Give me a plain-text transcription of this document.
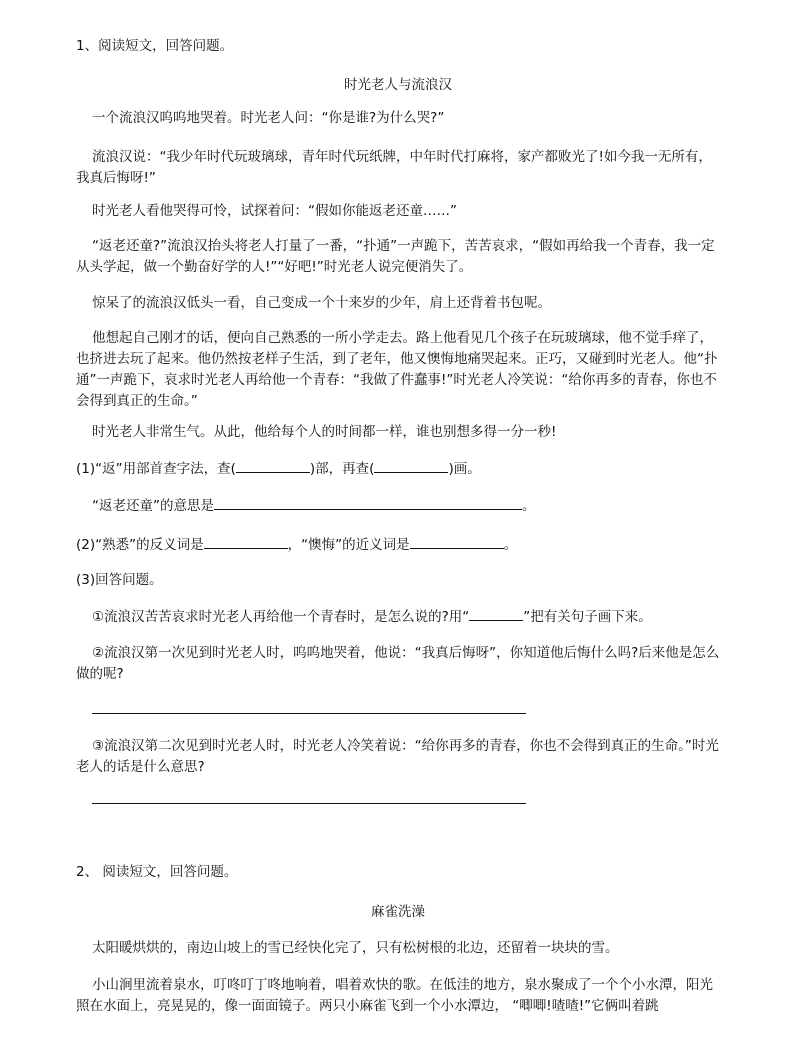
1、阅读短文，回答问题。

时光老人与流浪汉

一个流浪汉呜呜地哭着。时光老人问：“你是谁?为什么哭?”

流浪汉说：“我少年时代玩玻璃球，青年时代玩纸牌，中年时代打麻将，家产都败光了!如今我一无所有，我真后悔呀!”

时光老人看他哭得可怜，试探着问：“假如你能返老还童……”

“返老还童?”流浪汉抬头将老人打量了一番，“扑通”一声跪下，苦苦哀求，“假如再给我一个青春，我一定从头学起，做一个勤奋好学的人!”“好吧!”时光老人说完便消失了。

惊呆了的流浪汉低头一看，自己变成一个十来岁的少年，肩上还背着书包呢。

他想起自己刚才的话，便向自己熟悉的一所小学走去。路上他看见几个孩子在玩玻璃球，他不觉手痒了，也挤进去玩了起来。他仍然按老样子生活，到了老年，他又懊悔地痛哭起来。正巧，又碰到时光老人。他“扑通”一声跪下，哀求时光老人再给他一个青春：“我做了件蠢事!”时光老人冷笑说：“给你再多的青春，你也不会得到真正的生命。”

时光老人非常生气。从此，他给每个人的时间都一样，谁也别想多得一分一秒!

(1)“返”用部首查字法，查(	)部，再查(	)画。

“返老还童”的意思是	。

(2)“熟悉”的反义词是	，“懊悔”的近义词是	。

(3)回答问题。

①流浪汉苦苦哀求时光老人再给他一个青春时，是怎么说的?用“	”把有关句子画下来。

②流浪汉第一次见到时光老人时，呜呜地哭着，他说：“我真后悔呀”，你知道他后悔什么吗?后来他是怎么做的呢?

③流浪汉第二次见到时光老人时，时光老人冷笑着说：“给你再多的青春，你也不会得到真正的生命。”时光老人的话是什么意思?

2、 阅读短文，回答问题。

麻雀洗澡

太阳暖烘烘的，南边山坡上的雪已经快化完了，只有松树根的北边，还留着一块块的雪。

小山涧里流着泉水，叮咚叮丁咚地响着，唱着欢快的歌。在低洼的地方，泉水聚成了一个个小水潭，阳光照在水面上，亮晃晃的，像一面面镜子。两只小麻雀飞到一个小水潭边， “唧唧!喳喳!”它俩叫着跳
